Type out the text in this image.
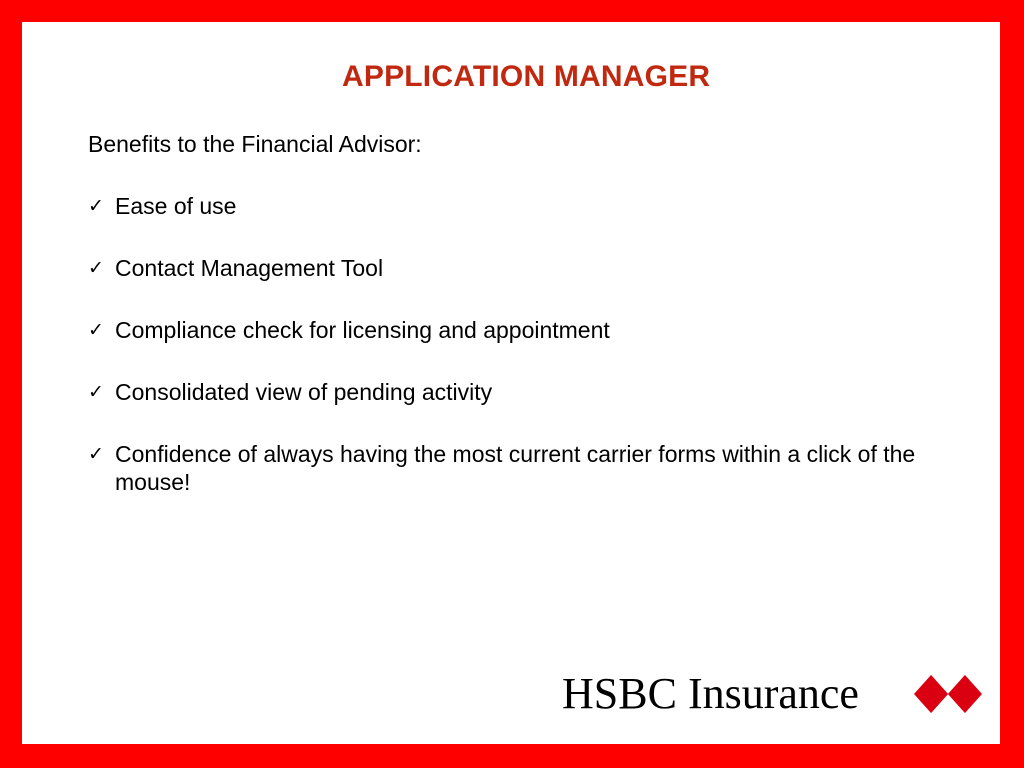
APPLICATION MANAGER

Benefits to the Financial Advisor:

✓ Ease of use
✓ Contact Management Tool
✓ Compliance check for licensing and appointment
✓ Consolidated view of pending activity
✓ Confidence of always having the most current carrier forms within a click of the mouse!
HSBC Insurance
